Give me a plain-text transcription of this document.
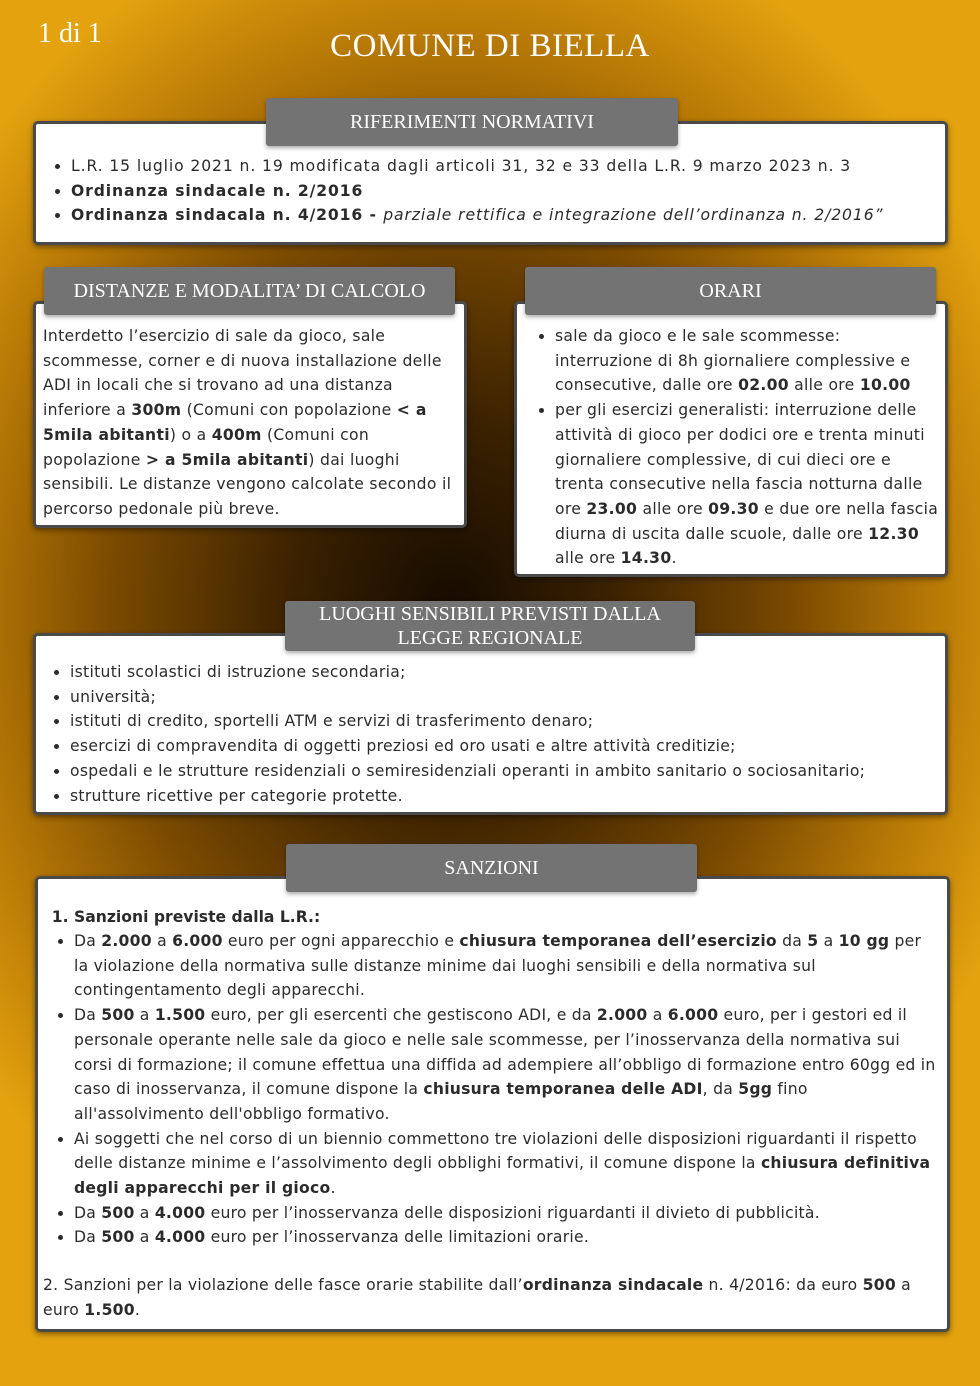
1 di 1	COMUNE DI BIELLA
• L.R. 15 luglio 2021 n. 19 modificata dagli articoli 31, 32 e 33 della L.R. 9 marzo 2023 n. 3
• Ordinanza sindacale n. 2/2016
• Ordinanza sindacala n. 4/2016 - parziale rettifica e integrazione dell’ordinanza n. 2/2016”
RIFERIMENTI NORMATIVI

Interdetto l’esercizio di sale da gioco, sale scommesse, corner e di nuova installazione delle ADI in locali che si trovano ad una distanza inferiore a 300m (Comuni con popolazione < a 5mila abitanti) o a 400m (Comuni con popolazione > a 5mila abitanti) dai luoghi sensibili. Le distanze vengono calcolate secondo il percorso pedonale più breve.

DISTANZE E MODALITA’ DI CALCOLO
• sale da gioco e le sale scommesse: interruzione di 8h giornaliere complessive e consecutive, dalle ore 02.00 alle ore 10.00
• per gli esercizi generalisti: interruzione delle attività di gioco per dodici ore e trenta minuti giornaliere complessive, di cui dieci ore e trenta consecutive nella fascia notturna dalle ore 23.00 alle ore 09.30 e due ore nella fascia diurna di uscita dalle scuole, dalle ore 12.30 alle ore 14.30.
ORARI
• istituti scolastici di istruzione secondaria;
• università;
• istituti di credito, sportelli ATM e servizi di trasferimento denaro;
• esercizi di compravendita di oggetti preziosi ed oro usati e altre attività creditizie;
• ospedali e le strutture residenziali o semiresidenziali operanti in ambito sanitario o sociosanitario;
• strutture ricettive per categorie protette.
LUOGHI SENSIBILI PREVISTI DALLA
LEGGE REGIONALE
1. Sanzioni previste dalla L.R.:
• Da 2.000 a 6.000 euro per ogni apparecchio e chiusura temporanea dell’esercizio da 5 a 10 gg per la violazione della normativa sulle distanze minime dai luoghi sensibili e della normativa sul contingentamento degli apparecchi.
• Da 500 a 1.500 euro, per gli esercenti che gestiscono ADI, e da 2.000 a 6.000 euro, per i gestori ed il personale operante nelle sale da gioco e nelle sale scommesse, per l’inosservanza della normativa sui corsi di formazione; il comune effettua una diffida ad adempiere all’obbligo di formazione entro 60gg ed in caso di inosservanza, il comune dispone la chiusura temporanea delle ADI, da 5gg fino all'assolvimento dell'obbligo formativo.
• Ai soggetti che nel corso di un biennio commettono tre violazioni delle disposizioni riguardanti il rispetto delle distanze minime e l’assolvimento degli obblighi formativi, il comune dispone la chiusura definitiva degli apparecchi per il gioco.
• Da 500 a 4.000 euro per l’inosservanza delle disposizioni riguardanti il divieto di pubblicità.
• Da 500 a 4.000 euro per l’inosservanza delle limitazioni orarie.

2. Sanzioni per la violazione delle fasce orarie stabilite dall’ordinanza sindacale n. 4/2016: da euro 500 a euro 1.500.

SANZIONI
